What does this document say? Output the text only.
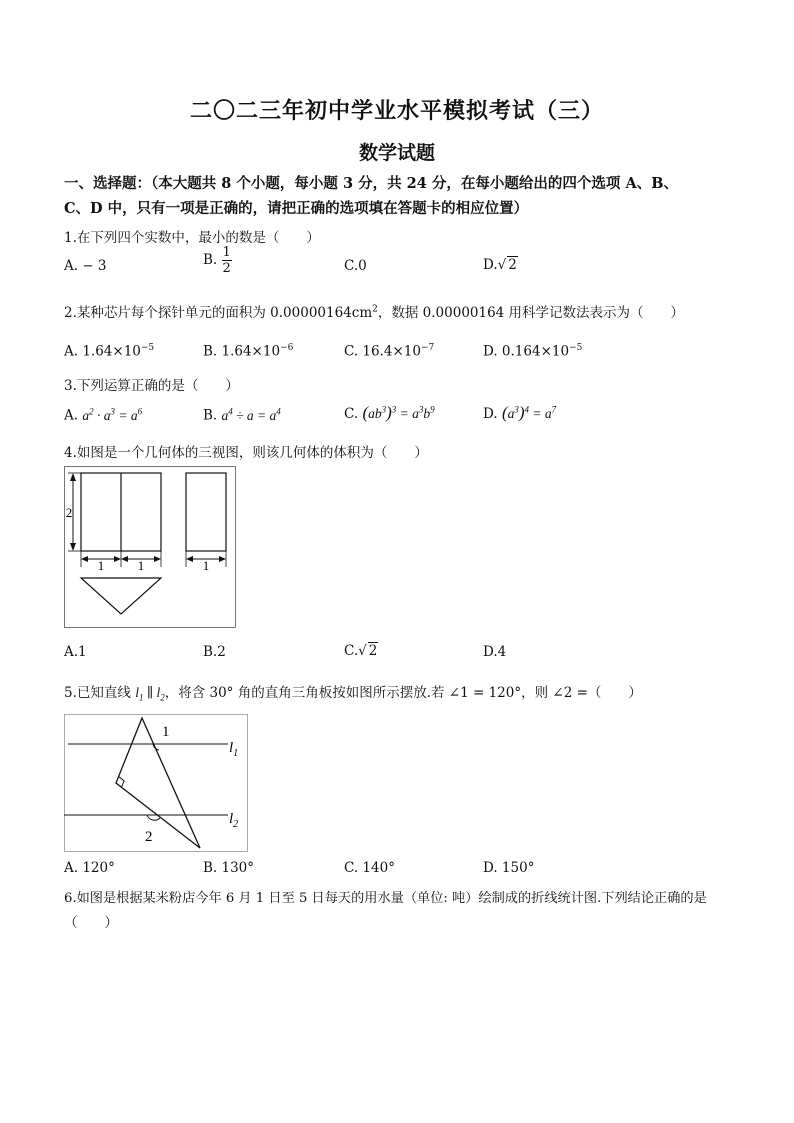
二〇二三年初中学业水平模拟考试（三）
数学试题
一、选择题：（本大题共 8 个小题，每小题 3 分，共 24 分，在每小题给出的四个选项 A、B、
C、D 中，只有一项是正确的，请把正确的选项填在答题卡的相应位置）
1.在下列四个实数中，最小的数是（　　）
A. − 3	B. $\frac{1}{2}$	C.0	D.√ 2
2.某种芯片每个探针单元的面积为 $0.00000164cm^2$，数据 0.00000164 用科学记数法表示为（　　）
A. $1.64\times 10^{-5}$	B. $1.64\times 10^{-6}$	C. $16.4\times 10^{-7}$	D. $0.164\times 10^{-5}$
3.下列运算正确的是（　　）
A. $a^2 \cdot a^3 = a^6$	B. $a^4 \div a = a^4$	C. $(ab^3)^3 = a^3b^9$	D. $(a^3)^4 = a^7$
4.如图是一个几何体的三视图，则该几何体的体积为（　　）
2
1	1	1
A.1	B.2	C.√ 2	D.4
5.已知直线 $l_1$ ∥ $l_2$，将含 30° 角的直角三角板按如图所示摆放.若 ∠1 = 120°，则 ∠2 =（　　）
1
2
$l_1$
$l_2$
A. 120°	B. 130°	C. 140°	D. 150°
6.如图是根据某米粉店今年 6 月 1 日至 5 日每天的用水量（单位: 吨）绘制成的折线统计图.下列结论正确的是
（　　）
